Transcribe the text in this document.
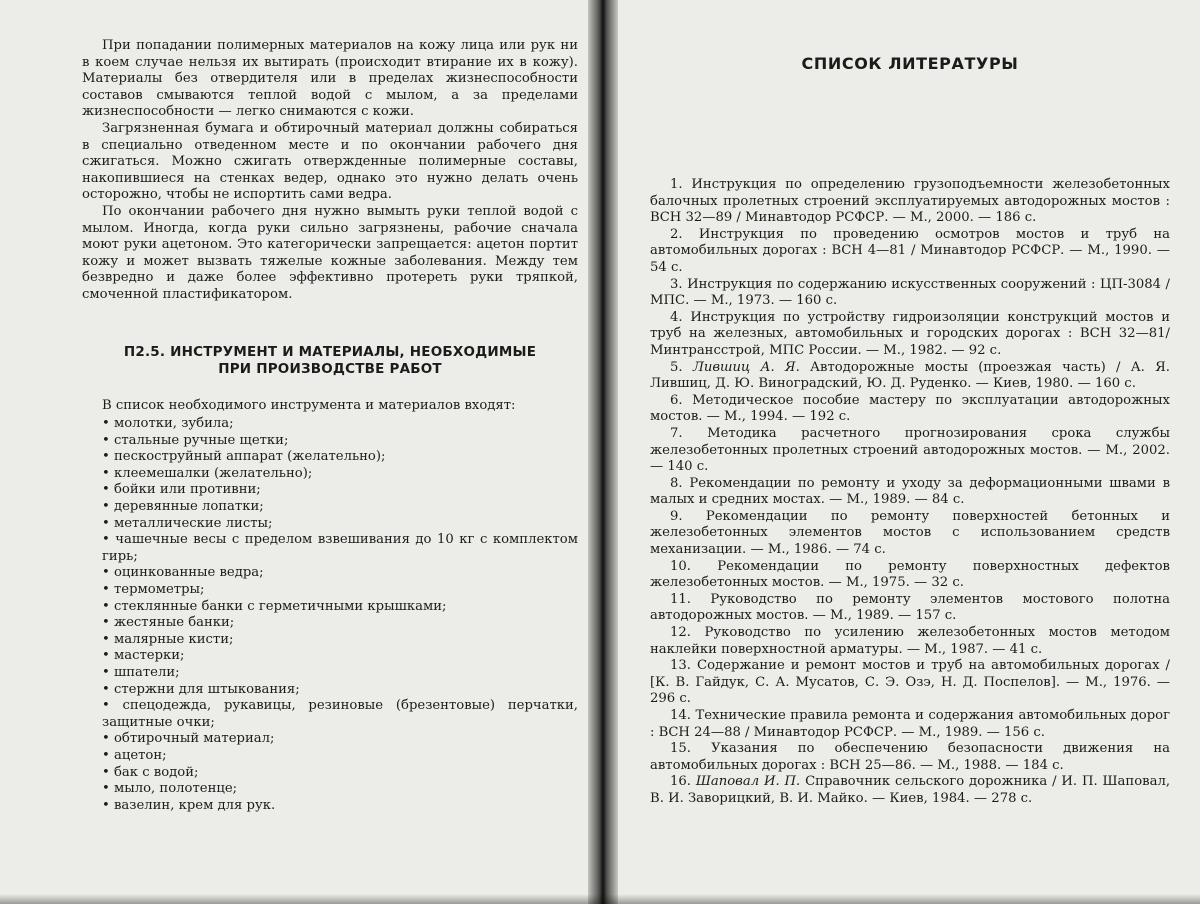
При попадании полимерных материалов на кожу лица или рук ни в коем случае нельзя их вытирать (происходит втирание их в кожу). Материалы без отвердителя или в пределах жизнеспособности составов смываются теплой водой с мылом, а за пределами жизнеспособности — легко снимаются с кожи.

Загрязненная бумага и обтирочный материал должны собираться в специально отведенном месте и по окончании рабочего дня сжигаться. Можно сжигать отвержденные полимерные составы, накопившиеся на стенках ведер, однако это нужно делать очень осторожно, чтобы не испортить сами ведра.

По окончании рабочего дня нужно вымыть руки теплой водой с мылом. Иногда, когда руки сильно загрязнены, рабочие сначала моют руки ацетоном. Это категорически запрещается: ацетон портит кожу и может вызвать тяжелые кожные заболевания. Между тем безвредно и даже более эффективно протереть руки тряпкой, смоченной пластификатором.

П2.5. ИНСТРУМЕНТ И МАТЕРИАЛЫ, НЕОБХОДИМЫЕ
ПРИ ПРОИЗВОДСТВЕ РАБОТ

В список необходимого инструмента и материалов входят:

• молотки, зубила;
• стальные ручные щетки;
• пескоструйный аппарат (желательно);
• клеемешалки (желательно);
• бойки или противни;
• деревянные лопатки;
• металлические листы;
• чашечные весы с пределом взвешивания до 10 кг с комплектом гирь;
• оцинкованные ведра;
• термометры;
• стеклянные банки с герметичными крышками;
• жестяные банки;
• малярные кисти;
• мастерки;
• шпатели;
• стержни для штыкования;
• спецодежда, рукавицы, резиновые (брезентовые) перчатки, защитные очки;
• обтирочный материал;
• ацетон;
• бак с водой;
• мыло, полотенце;
• вазелин, крем для рук.
СПИСОК ЛИТЕРАТУРЫ

1. Инструкция по определению грузоподъемности железобетонных балочных пролетных строений эксплуатируемых автодорожных мостов : ВСН 32—89 / Минавтодор РСФСР. — М., 2000. — 186 с.

2. Инструкция по проведению осмотров мостов и труб на автомобильных дорогах : ВСН 4—81 / Минавтодор РСФСР. — М., 1990. — 54 с.

3. Инструкция по содержанию искусственных сооружений : ЦП-3084 / МПС. — М., 1973. — 160 с.

4. Инструкция по устройству гидроизоляции конструкций мостов и труб на железных, автомобильных и городских дорогах : ВСН 32—81/ Минтрансстрой, МПС России. — М., 1982. — 92 с.

5. Лившиц А. Я. Автодорожные мосты (проезжая часть) / А. Я. Лившиц, Д. Ю. Виноградский, Ю. Д. Руденко. — Киев, 1980. — 160 с.

6. Методическое пособие мастеру по эксплуатации автодорожных мостов. — М., 1994. — 192 с.

7. Методика расчетного прогнозирования срока службы железобетонных пролетных строений автодорожных мостов. — М., 2002. — 140 с.

8. Рекомендации по ремонту и уходу за деформационными швами в малых и средних мостах. — М., 1989. — 84 с.

9. Рекомендации по ремонту поверхностей бетонных и железобетонных элементов мостов с использованием средств механизации. — М., 1986. — 74 с.

10. Рекомендации по ремонту поверхностных дефектов железобетонных мостов. — М., 1975. — 32 с.

11. Руководство по ремонту элементов мостового полотна автодорожных мостов. — М., 1989. — 157 с.

12. Руководство по усилению железобетонных мостов методом наклейки поверхностной арматуры. — М., 1987. — 41 с.

13. Содержание и ремонт мостов и труб на автомобильных дорогах / [К. В. Гайдук, С. А. Мусатов, С. Э. Озэ, Н. Д. Поспелов]. — М., 1976. — 296 с.

14. Технические правила ремонта и содержания автомобильных дорог : ВСН 24—88 / Минавтодор РСФСР. — М., 1989. — 156 с.

15. Указания по обеспечению безопасности движения на автомобильных дорогах : ВСН 25—86. — М., 1988. — 184 с.

16. Шаповал И. П. Справочник сельского дорожника / И. П. Шаповал, В. И. Заворицкий, В. И. Майко. — Киев, 1984. — 278 с.
